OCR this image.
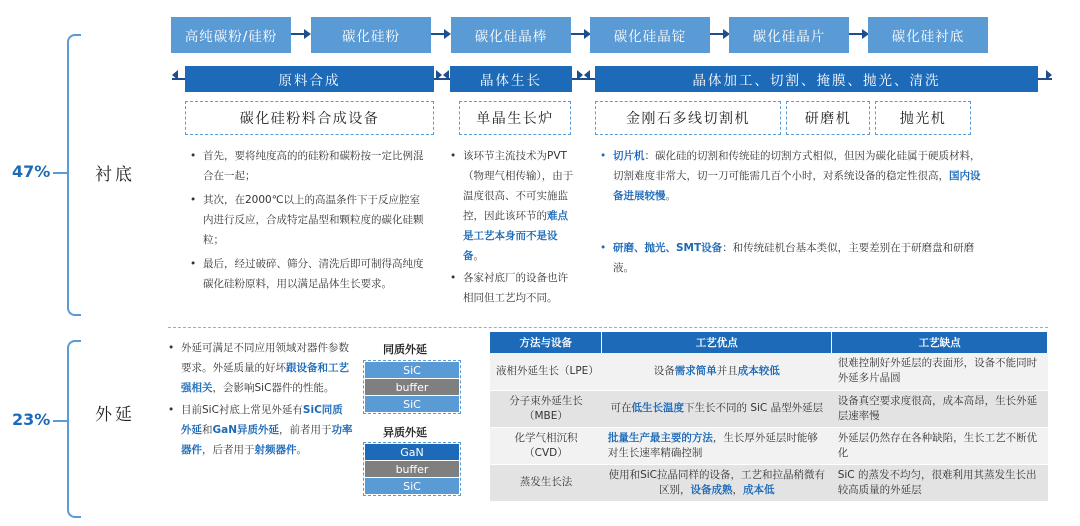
高纯碳粉/硅粉	碳化硅粉	碳化硅晶棒	碳化硅晶锭	碳化硅晶片	碳化硅衬底
原料合成	晶体生长	晶体加工、切割、掩膜、抛光、清洗
碳化硅粉料合成设备	单晶生长炉	金刚石多线切割机	研磨机	抛光机
47%	衬底
• 首先，要将纯度高的的硅粉和碳粉按一定比例混合在一起；
• 其次，在2000℃以上的高温条件下于反应腔室内进行反应，合成特定晶型和颗粒度的碳化硅颗粒；
• 最后，经过破碎、筛分、清洗后即可制得高纯度碳化硅粉原料，用以满足晶体生长要求。
• 该环节主流技术为PVT（物理气相传输），由于温度很高、不可实施监控，因此该环节的难点是工艺本身而不是设备。
• 各家衬底厂的设备也许相同但工艺均不同。
• 切片机：碳化硅的切割和传统硅的切割方式相似，但因为碳化硅属于硬质材料，切割难度非常大，切一刀可能需几百个小时，对系统设备的稳定性很高，国内设备进展较慢。
• 研磨、抛光、SMT设备：和传统硅机台基本类似，主要差别在于研磨盘和研磨液。
23%	外延
• 外延可满足不同应用领域对器件参数要求。外延质量的好坏跟设备和工艺强相关，会影响SiC器件的性能。
• 目前SiC衬底上常见外延有SiC同质外延和GaN异质外延，前者用于功率器件，后者用于射频器件。
同质外延
SiC
buffer
SiC
异质外延
GaN
buffer
SiC
方法与设备	工艺优点	工艺缺点
液相外延生长（LPE）	设备需求简单并且成本较低	很难控制好外延层的表面形，设备不能同时外延多片晶圆
分子束外延生长（MBE）	可在低生长温度下生长不同的 SiC 晶型外延层	设备真空要求度很高，成本高昂，生长外延层速率慢
化学气相沉积（CVD）	批量生产最主要的方法，生长厚外延层时能够对生长速率精确控制	外延层仍然存在各种缺陷，生长工艺不断优化
蒸发生长法	使用和SiC拉晶同样的设备，工艺和拉晶稍微有区别，设备成熟，成本低	SiC 的蒸发不均匀，很难利用其蒸发生长出较高质量的外延层
